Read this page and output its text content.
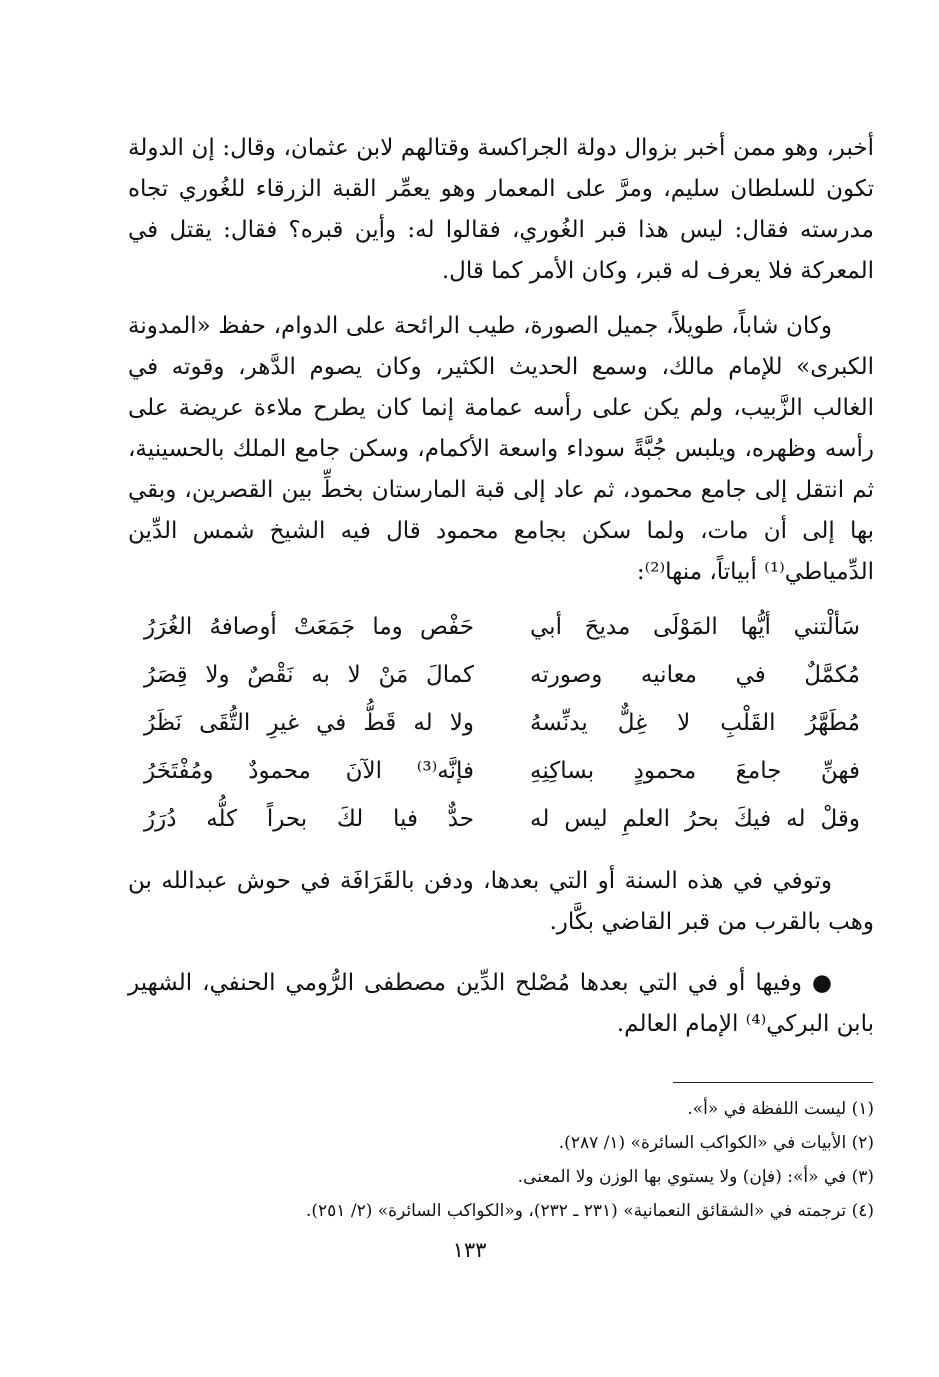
أخبر، وهو ممن أخبر بزوال دولة الجراكسة وقتالهم لابن عثمان، وقال: إن الدولة تكون للسلطان سليم، ومرَّ على المعمار وهو يعمِّر القبة الزرقاء للغُوري تجاه مدرسته فقال: ليس هذا قبر الغُوري، فقالوا له: وأين قبره؟ فقال: يقتل في المعركة فلا يعرف له قبر، وكان الأمر كما قال.

وكان شاباً، طويلاً، جميل الصورة، طيب الرائحة على الدوام، حفظ «المدونة الكبرى» للإمام مالك، وسمع الحديث الكثير، وكان يصوم الدَّهر، وقوته في الغالب الزَّبيب، ولم يكن على رأسه عمامة إنما كان يطرح ملاءة عريضة على رأسه وظهره، ويلبس جُبَّةً سوداء واسعة الأكمام، وسكن جامع الملك بالحسينية، ثم انتقل إلى جامع محمود، ثم عاد إلى قبة المارستان بخطِّ بين القصرين، وبقي بها إلى أن مات، ولما سكن بجامع محمود قال فيه الشيخ شمس الدِّين الدِّمياطي⁽¹⁾ أبياتاً، منها⁽²⁾:

سَألْتني أيُّها المَوْلَى مديحَ أبي
حَفْص وما جَمَعَتْ أوصافهُ الغُرَرُ
مُكمَّلٌ في معانيه وصورته
كمالَ مَنْ لا به نَقْصٌ ولا قِصَرُ
مُطَهَّرُ القَلْبِ لا غِلٌّ يدنِّسهُ
ولا له قَطُّ في غيرِ التُّقَى نَظَرُ
فهنِّ جامعَ محمودٍ بساكِنِهِ
فإنَّه⁽³⁾ الآنَ محمودٌ ومُفْتَخَرُ
وقلْ له فيكَ بحرُ العلمِ ليس له
حدٌّ فيا لكَ بحراً كلُّه دُرَرُ

وتوفي في هذه السنة أو التي بعدها، ودفن بالقَرَافَة في حوش عبدالله بن وهب بالقرب من قبر القاضي بكَّار.

● وفيها أو في التي بعدها مُصْلح الدِّين مصطفى الرُّومي الحنفي، الشهير بابن البركي⁽⁴⁾ الإمام العالم.

(١) ليست اللفظة في «أ».

(٢) الأبيات في «الكواكب السائرة» (١/ ٢٨٧).

(٣) في «أ»: (فإن) ولا يستوي بها الوزن ولا المعنى.

(٤) ترجمته في «الشقائق النعمانية» (٢٣١ ـ ٢٣٢)، و«الكواكب السائرة» (٢/ ٢٥١).

١٣٣
